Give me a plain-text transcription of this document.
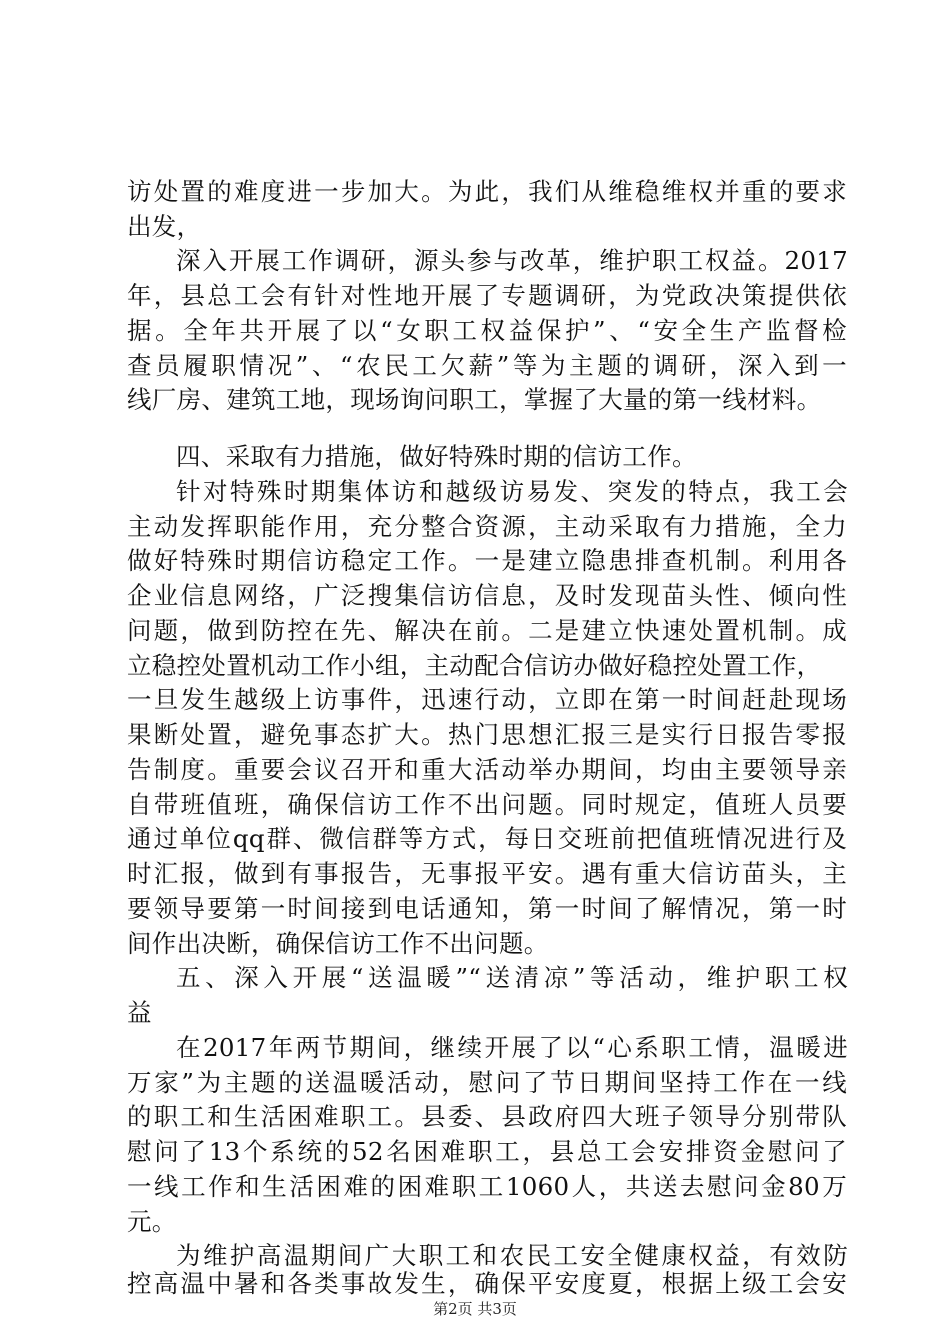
访处置的难度进一步加大。为此，我们从维稳维权并重的要求
出发，
深入开展工作调研，源头参与改革，维护职工权益。2017
年，县总工会有针对性地开展了专题调研，为党政决策提供依
据。全年共开展了以“女职工权益保护”、“安全生产监督检
查员履职情况”、“农民工欠薪”等为主题的调研，深入到一
线厂房、建筑工地，现场询问职工，掌握了大量的第一线材料。
四、采取有力措施，做好特殊时期的信访工作。
针对特殊时期集体访和越级访易发、突发的特点，我工会
主动发挥职能作用，充分整合资源，主动采取有力措施，全力
做好特殊时期信访稳定工作。一是建立隐患排查机制。利用各
企业信息网络，广泛搜集信访信息，及时发现苗头性、倾向性
问题，做到防控在先、解决在前。二是建立快速处置机制。成
立稳控处置机动工作小组，主动配合信访办做好稳控处置工作，
一旦发生越级上访事件，迅速行动，立即在第一时间赶赴现场
果断处置，避免事态扩大。热门思想汇报三是实行日报告零报
告制度。重要会议召开和重大活动举办期间，均由主要领导亲
自带班值班，确保信访工作不出问题。同时规定，值班人员要
通过单位qq群、微信群等方式，每日交班前把值班情况进行及
时汇报，做到有事报告，无事报平安。遇有重大信访苗头，主
要领导要第一时间接到电话通知，第一时间了解情况，第一时
间作出决断，确保信访工作不出问题。
五、深入开展“送温暖”“送清凉”等活动，维护职工权
益
在2017年两节期间，继续开展了以“心系职工情，温暖进
万家”为主题的送温暖活动，慰问了节日期间坚持工作在一线
的职工和生活困难职工。县委、县政府四大班子领导分别带队
慰问了13个系统的52名困难职工，县总工会安排资金慰问了
一线工作和生活困难的困难职工1060人，共送去慰问金80万
元。
为维护高温期间广大职工和农民工安全健康权益，有效防
控高温中暑和各类事故发生，确保平安度夏，根据上级工会安
第2页 共3页
